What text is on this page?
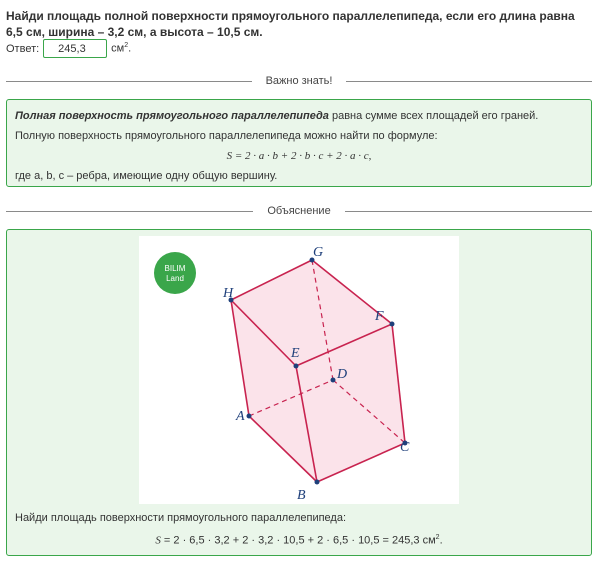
Найди площадь полной поверхности прямоугольного параллелепипеда, если его длина равна 6,5 см, ширина – 3,2 см, а высота – 10,5 см.
Ответ:	245,3	$см^2$.
Важно знать!
Полная поверхность прямоугольного параллелепипеда равна сумме всех площадей его граней.
Полную поверхность прямоугольного параллелепипеда можно найти по формуле:
S = 2 · a · b + 2 · b · c + 2 · a · c,
где a, b, c – ребра, имеющие одну общую вершину.
Объяснение
BILIM
Land
G
H
F
E
D
A
C
B
Найди площадь поверхности прямоугольного параллелепипеда:
S = 2 · 6,5 · 3,2 + 2 · 3,2 · 10,5 + 2 · 6,5 · 10,5 = 245,3 $см^2$.
